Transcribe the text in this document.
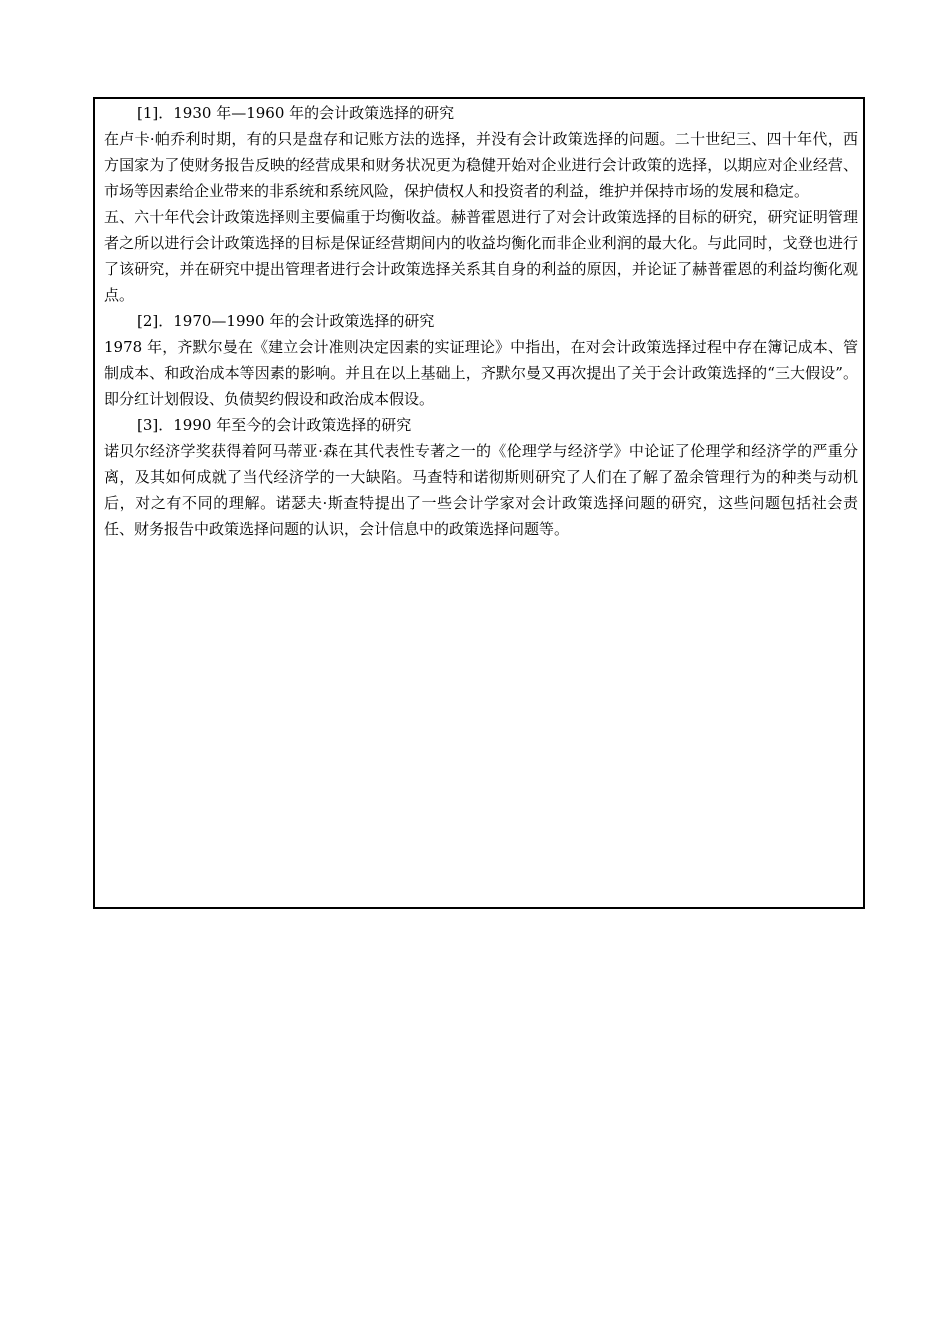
[1]．1930 年—1960 年的会计政策选择的研究

在卢卡·帕乔利时期，有的只是盘存和记账方法的选择，并没有会计政策选择的问题。二十世纪三、四十年代，西方国家为了使财务报告反映的经营成果和财务状况更为稳健开始对企业进行会计政策的选择，以期应对企业经营、市场等因素给企业带来的非系统和系统风险，保护债权人和投资者的利益，维护并保持市场的发展和稳定。

五、六十年代会计政策选择则主要偏重于均衡收益。赫普霍恩进行了对会计政策选择的目标的研究，研究证明管理者之所以进行会计政策选择的目标是保证经营期间内的收益均衡化而非企业利润的最大化。与此同时，戈登也进行了该研究，并在研究中提出管理者进行会计政策选择关系其自身的利益的原因，并论证了赫普霍恩的利益均衡化观点。

[2]．1970—1990 年的会计政策选择的研究

1978 年，齐默尔曼在《建立会计准则决定因素的实证理论》中指出，在对会计政策选择过程中存在簿记成本、管制成本、和政治成本等因素的影响。并且在以上基础上，齐默尔曼又再次提出了关于会计政策选择的“三大假设”。即分红计划假设、负债契约假设和政治成本假设。

[3]．1990 年至今的会计政策选择的研究

诺贝尔经济学奖获得着阿马蒂亚·森在其代表性专著之一的《伦理学与经济学》中论证了伦理学和经济学的严重分离，及其如何成就了当代经济学的一大缺陷。马查特和诺彻斯则研究了人们在了解了盈余管理行为的种类与动机后，对之有不同的理解。诺瑟夫·斯查特提出了一些会计学家对会计政策选择问题的研究，这些问题包括社会责任、财务报告中政策选择问题的认识，会计信息中的政策选择问题等。
